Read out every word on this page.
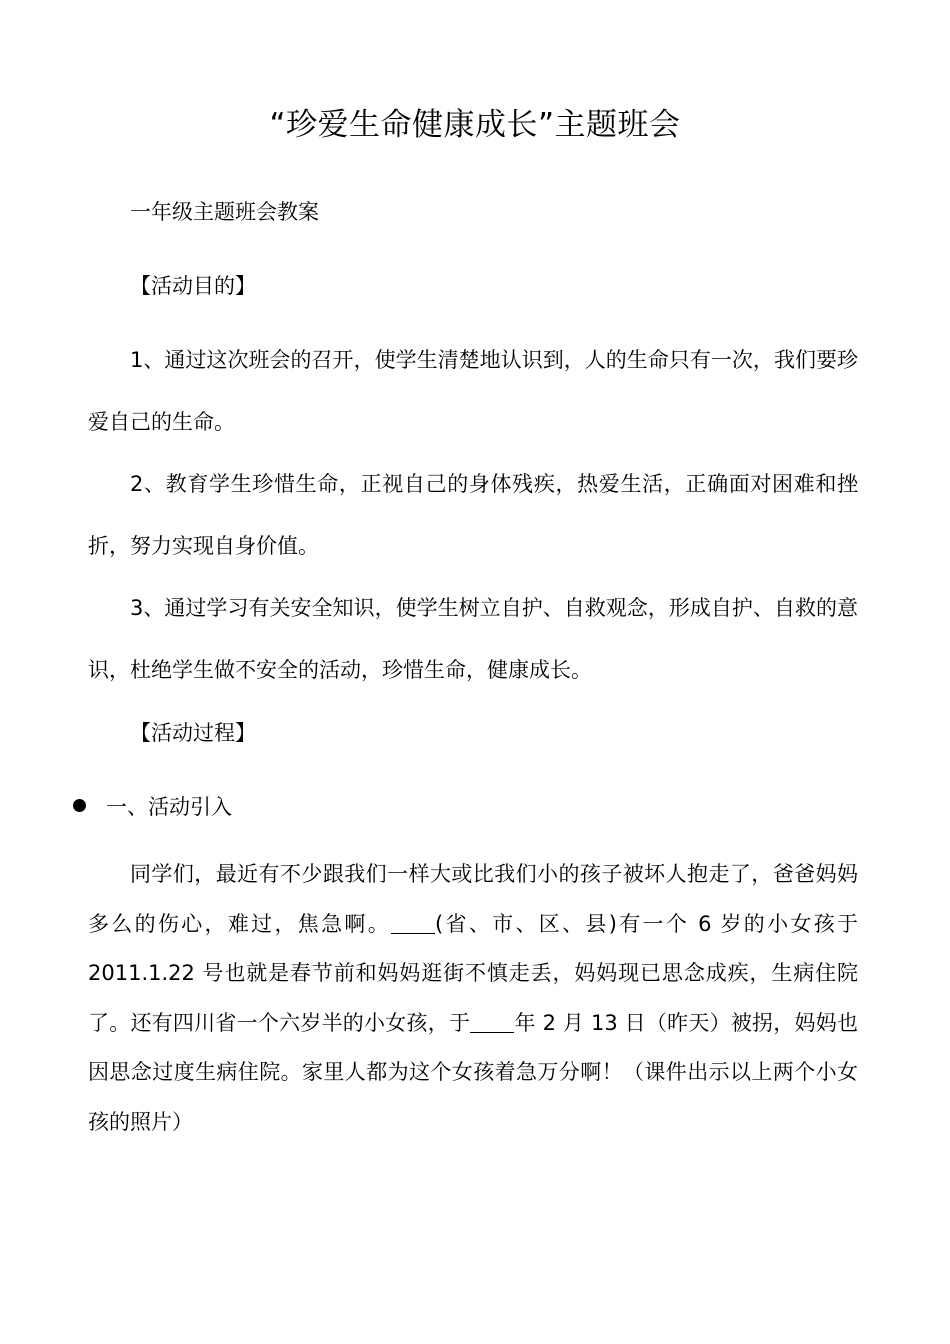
“珍爱生命健康成长”主题班会
一年级主题班会教案
【活动目的】
1、通过这次班会的召开，使学生清楚地认识到，人的生命只有一次，我们要珍爱自己的生命。
2、教育学生珍惜生命，正视自己的身体残疾，热爱生活，正确面对困难和挫折，努力实现自身价值。
3、通过学习有关安全知识，使学生树立自护、自救观念，形成自护、自救的意识，杜绝学生做不安全的活动，珍惜生命，健康成长。
【活动过程】
一、活动引入
同学们，最近有不少跟我们一样大或比我们小的孩子被坏人抱走了，爸爸妈妈多么的伤心，难过，焦急啊。 (省、市、区、县)有一个 6 岁的小女孩于 2011.1.22 号也就是春节前和妈妈逛街不慎走丢，妈妈现已思念成疾，生病住院了。还有四川省一个六岁半的小女孩，于 年 2 月 13 日（昨天）被拐，妈妈也因思念过度生病住院。家里人都为这个女孩着急万分啊！（课件出示以上两个小女孩的照片）
